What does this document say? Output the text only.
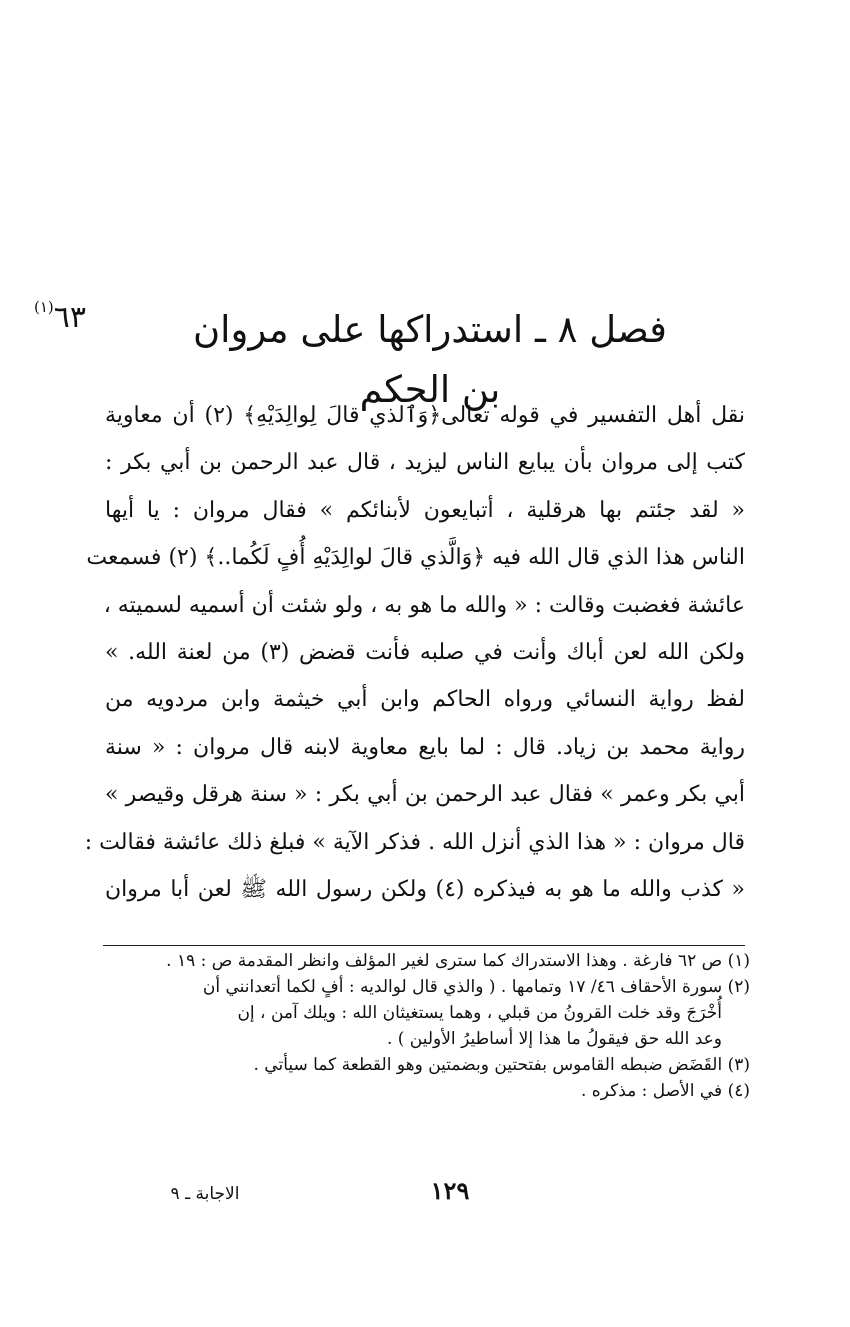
٦٣$^{(١)}$
فصل ٨ ـ استدراكها على مروان بن الحكم
نقل أهل التفسير في قوله تعالى﴿وَٱلذي قالَ لِوالِدَيْهِ﴾ (٢) أن معاوية
كتب إلى مروان بأن يبايع الناس ليزيد ، قال عبد الرحمن بن أبي بكر :
« لقد جئتم بها هرقلية ، أتبايعون لأبنائكم » فقال مروان : يا أيها
الناس هذا الذي قال الله فيه ﴿وَالَّذي قالَ لوالِدَيْهِ أُفٍ لَكُما..﴾ (٢) فسمعت
عائشة فغضبت وقالت : « والله ما هو به ، ولو شئت أن أسميه لسميته ،
ولكن الله لعن أباك وأنت في صلبه فأنت قضض (٣) من لعنة الله. »
لفظ رواية النسائي ورواه الحاكم وابن أبي خيثمة وابن مردويه من
رواية محمد بن زياد. قال : لما بايع معاوية لابنه قال مروان : « سنة
أبي بكر وعمر » فقال عبد الرحمن بن أبي بكر : « سنة هرقل وقيصر »
قال مروان : « هذا الذي أنزل الله . فذكر الآية » فبلغ ذلك عائشة فقالت :
« كذب والله ما هو به فيذكره (٤) ولكن رسول الله ﷺ لعن أبا مروان
(١) ص ٦٢ فارغة . وهذا الاستدراك كما سترى لغير المؤلف وانظر المقدمة ص : ١٩ .
(٢) سورة الأحقاف ٤٦/ ١٧ وتمامها . ( والذي قال لوالديه : أفٍ لكما أتعدانني أن
أُخْرَجَ وقد خلت القرونُ من قبلي ، وهما يستغيثان الله : ويلك آمن ، إن
وعد الله حق فيقولُ ما هذا إلا أساطيرُ الأولين ) .
(٣) القَضَض ضبطه القاموس بفتحتين وبضمتين وهو القطعة كما سيأتي .
(٤) في الأصل : مذكره .
١٢٩
الاجابة ـ ٩
